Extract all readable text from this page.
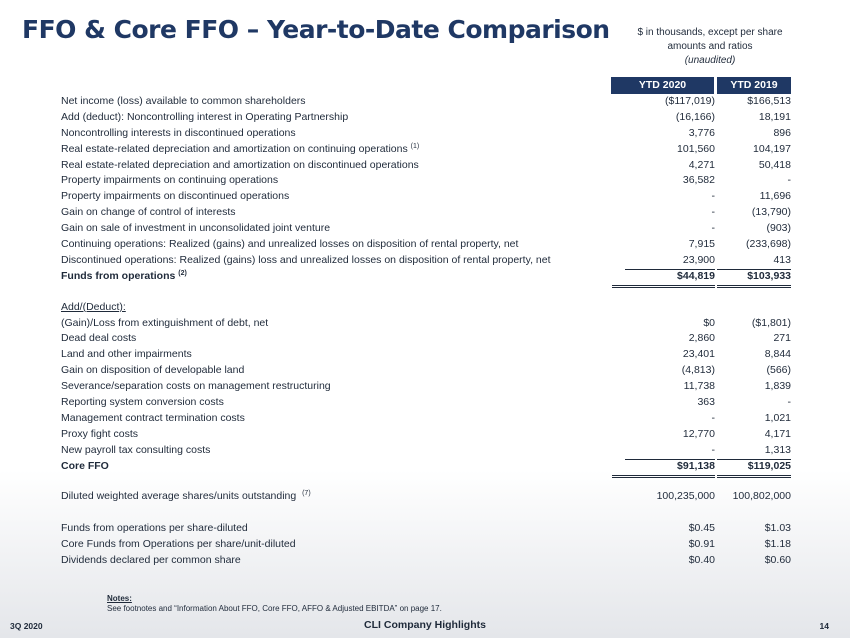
FFO & Core FFO – Year-to-Date Comparison	$ in thousands, except per share
amounts and ratios
(unaudited)
YTD 2020	YTD 2019
Net income (loss) available to common shareholders	($117,019)	$166,513
Add (deduct): Noncontrolling interest in Operating Partnership	(16,166)	18,191
Noncontrolling interests in discontinued operations	3,776	896
Real estate-related depreciation and amortization on continuing operations $^{(1)}$	101,560	104,197
Real estate-related depreciation and amortization on discontinued operations	4,271	50,418
Property impairments on continuing operations	36,582	-
Property impairments on discontinued operations	-	11,696
Gain on change of control of interests	-	(13,790)
Gain on sale of investment in unconsolidated joint venture	-	(903)
Continuing operations: Realized (gains) and unrealized losses on disposition of rental property, net	7,915	(233,698)
Discontinued operations: Realized (gains) loss and unrealized losses on disposition of rental property, net	23,900	413
Funds from operations $^{(2)}$	$44,819	$103,933
Add/(Deduct):
(Gain)/Loss from extinguishment of debt, net	$0	($1,801)
Dead deal costs	2,860	271
Land and other impairments	23,401	8,844
Gain on disposition of developable land	(4,813)	(566)
Severance/separation costs on management restructuring	11,738	1,839
Reporting system conversion costs	363	-
Management contract termination costs	-	1,021
Proxy fight costs	12,770	4,171
New payroll tax consulting costs	-	1,313
Core FFO	$91,138	$119,025
Diluted weighted average shares/units outstanding $^{(7)}$	100,235,000	100,802,000
Funds from operations per share-diluted	$0.45	$1.03
Core Funds from Operations per share/unit-diluted	$0.91	$1.18
Dividends declared per common share	$0.40	$0.60
Notes:
See footnotes and “Information About FFO, Core FFO, AFFO & Adjusted EBITDA” on page 17.
3Q 2020	CLI Company Highlights	14
